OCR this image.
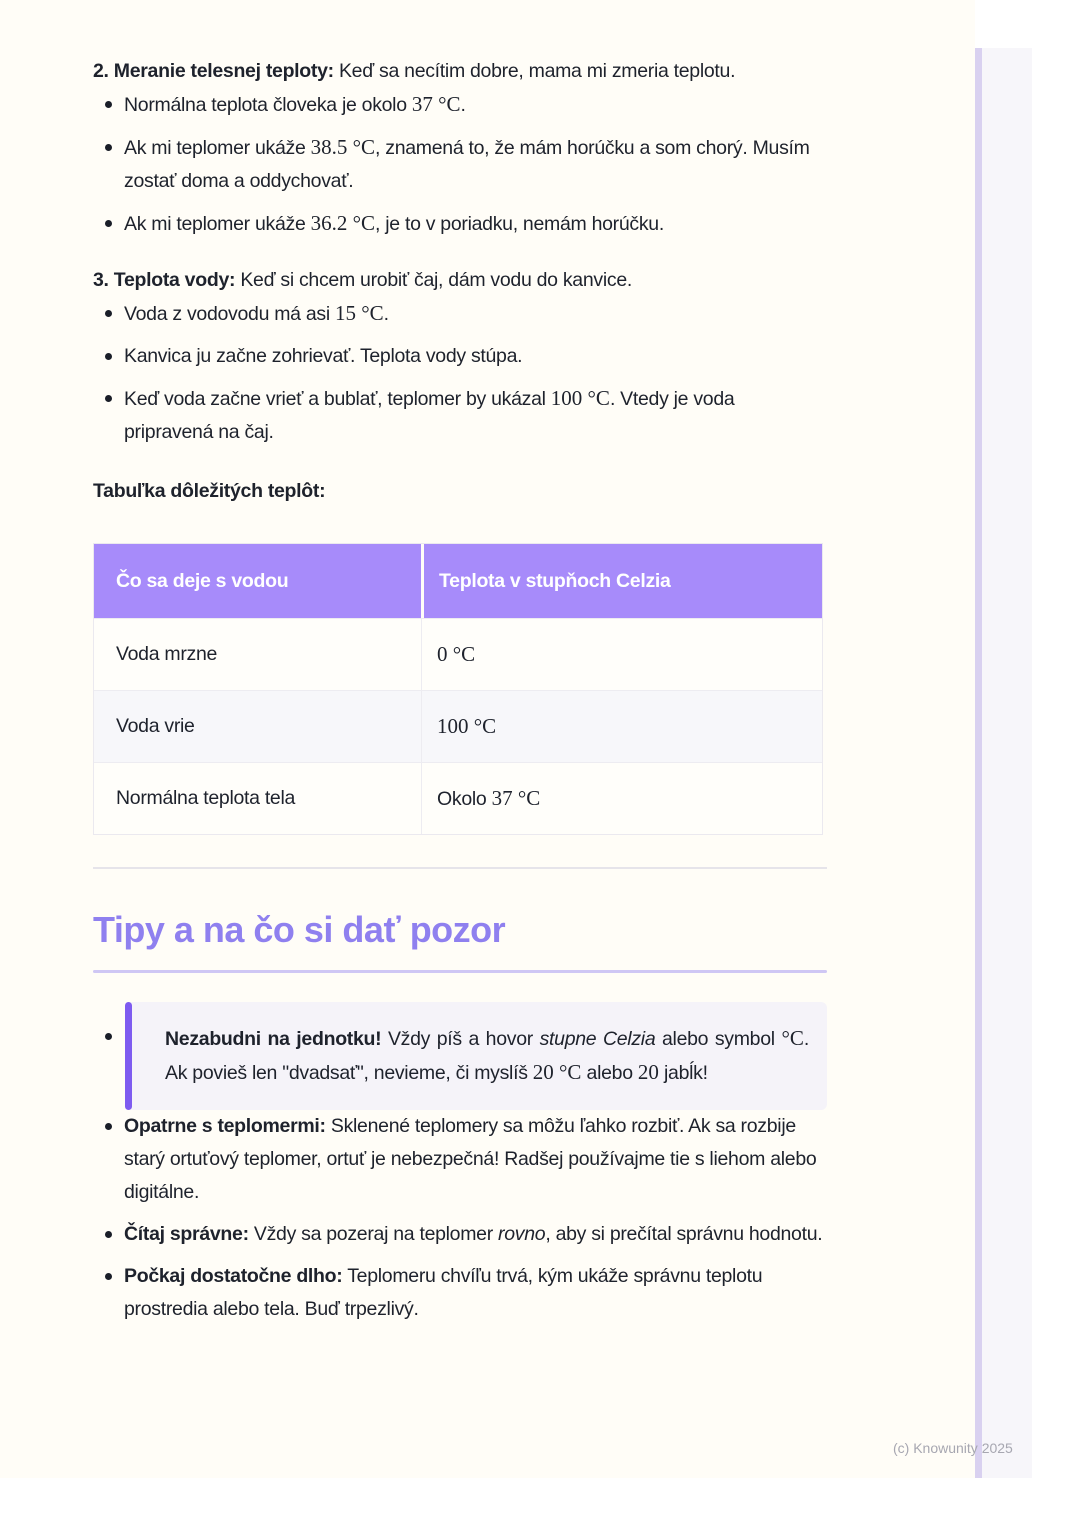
2. Meranie telesnej teploty: Keď sa necítim dobre, mama mi zmeria teplotu.

Normálna teplota človeka je okolo 37 °C.
Ak mi teplomer ukáže 38.5 °C, znamená to, že mám horúčku a som chorý. Musím zostať doma a oddychovať.
Ak mi teplomer ukáže 36.2 °C, je to v poriadku, nemám horúčku.

3. Teplota vody: Keď si chcem urobiť čaj, dám vodu do kanvice.

Voda z vodovodu má asi 15 °C.
Kanvica ju začne zohrievať. Teplota vody stúpa.
Keď voda začne vrieť a bublať, teplomer by ukázal 100 °C. Vtedy je voda pripravená na čaj.

Tabuľka dôležitých teplôt:

Čo sa deje s vodou	Teplota v stupňoch Celzia
Voda mrzne	0 °C
Voda vrie	100 °C
Normálna teplota tela	Okolo 37 °C
Tipy a na čo si dať pozor
Nezabudni na jednotku! Vždy píš a hovor stupne Celzia alebo symbol °C. Ak povieš len "dvadsať", nevieme, či myslíš 20 °C alebo 20 jabĺk!
Opatrne s teplomermi: Sklenené teplomery sa môžu ľahko rozbiť. Ak sa rozbije starý ortuťový teplomer, ortuť je nebezpečná! Radšej používajme tie s liehom alebo digitálne.
Čítaj správne: Vždy sa pozeraj na teplomer rovno, aby si prečítal správnu hodnotu.
Počkaj dostatočne dlho: Teplomeru chvíľu trvá, kým ukáže správnu teplotu prostredia alebo tela. Buď trpezlivý.
(c) Knowunity 2025
